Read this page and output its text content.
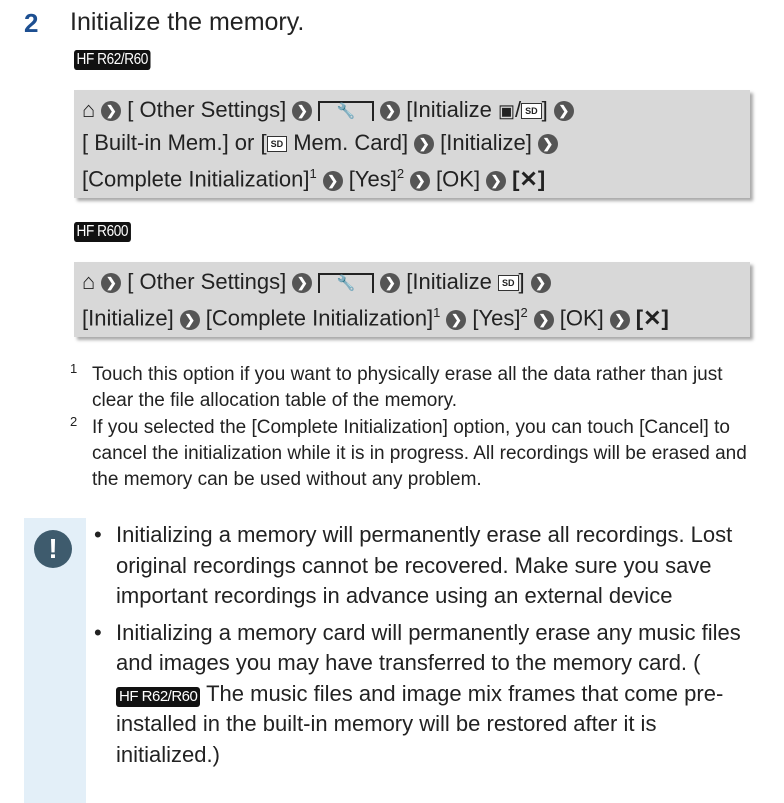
2 Initialize the memory.
HF R62/R60
⌂ ❯ [ Other Settings] ❯ 🔧 ❯ [Initialize ▣/ SD ] ❯
[ Built-in Mem.] or [ SD Mem. Card] ❯ [Initialize] ❯
[Complete Initialization]$^1$ ❯ [Yes]$^2$ ❯ [OK] ❯ [✕]
HF R600
⌂ ❯ [ Other Settings] ❯ 🔧 ❯ [Initialize SD ] ❯
[Initialize] ❯ [Complete Initialization]$^1$ ❯ [Yes]$^2$ ❯ [OK] ❯ [✕]
1 Touch this option if you want to physically erase all the data rather than just clear the file allocation table of the memory.
2 If you selected the [Complete Initialization] option, you can touch [Cancel] to cancel the initialization while it is in progress. All recordings will be erased and the memory can be used without any problem.
!	• Initializing a memory will permanently erase all recordings. Lost original recordings cannot be recovered. Make sure you save important recordings in advance using an external device
• Initializing a memory card will permanently erase any music files and images you may have transferred to the memory card. (HF R62/R60 The music files and image mix frames that come pre-installed in the built-in memory will be restored after it is initialized.)
